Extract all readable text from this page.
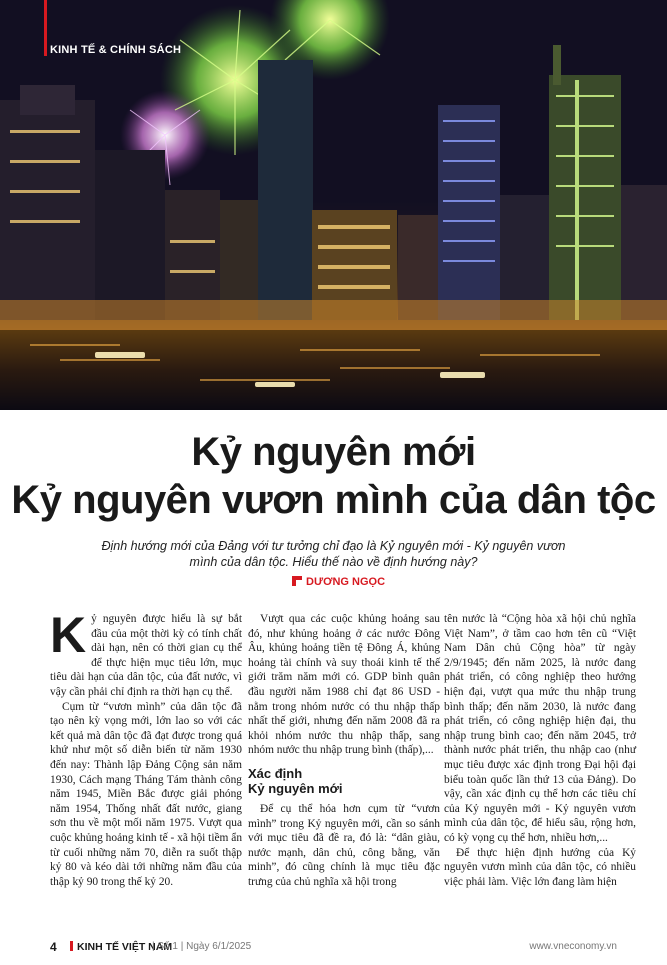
KINH TẾ & CHÍNH SÁCH
Kỷ nguyên mới
Kỷ nguyên vươn mình của dân tộc
Định hướng mới của Đảng với tư tưởng chỉ đạo là Kỷ nguyên mới - Kỷ nguyên vươn mình của dân tộc. Hiểu thế nào về định hướng này?
DƯƠNG NGỌC

Kỷ nguyên được hiểu là sự bắt đầu của một thời kỳ có tính chất dài hạn, nên có thời gian cụ thể để thực hiện mục tiêu lớn, mục tiêu dài hạn của dân tộc, của đất nước, vì vậy cần phải chỉ định ra thời hạn cụ thể.

Cụm từ “vươn mình” của dân tộc đã tạo nên kỳ vọng mới, lớn lao so với các kết quả mà dân tộc đã đạt được trong quá khứ như một số diễn biến từ năm 1930 đến nay: Thành lập Đảng Cộng sản năm 1930, Cách mạng Tháng Tám thành công năm 1945, Miền Bắc được giải phóng năm 1954, Thống nhất đất nước, giang sơn thu về một mối năm 1975. Vượt qua cuộc khủng hoảng kinh tế - xã hội tiềm ẩn từ cuối những năm 70, diễn ra suốt thập kỷ 80 và kéo dài tới những năm đầu của thập kỷ 90 trong thế kỷ 20.

Vượt qua các cuộc khủng hoảng sau đó, như khủng hoảng ở các nước Đông Âu, khủng hoảng tiền tệ Đông Á, khủng hoảng tài chính và suy thoái kinh tế thế giới trăm năm mới có. GDP bình quân đầu người năm 1988 chỉ đạt 86 USD - nằm trong nhóm nước có thu nhập thấp nhất thế giới, nhưng đến năm 2008 đã ra khỏi nhóm nước thu nhập thấp, sang nhóm nước thu nhập trung bình (thấp),...

Xác định
Kỷ nguyên mới

Để cụ thể hóa hơn cụm từ “vươn mình” trong Kỷ nguyên mới, cần so sánh với mục tiêu đã đề ra, đó là: “dân giàu, nước mạnh, dân chủ, công bằng, văn minh”, đó cũng chính là mục tiêu đặc trưng của chủ nghĩa xã hội trong

tên nước là “Cộng hòa xã hội chủ nghĩa Việt Nam”, ở tầm cao hơn tên cũ “Việt Nam Dân chủ Cộng hòa” từ ngày 2/9/1945; đến năm 2025, là nước đang phát triển, có công nghiệp theo hướng hiện đại, vượt qua mức thu nhập trung bình thấp; đến năm 2030, là nước đang phát triển, có công nghiệp hiện đại, thu nhập trung bình cao; đến năm 2045, trở thành nước phát triển, thu nhập cao (như mục tiêu được xác định trong Đại hội đại biểu toàn quốc lần thứ 13 của Đảng). Do vậy, cần xác định cụ thể hơn các tiêu chí của Kỷ nguyên mới - Kỷ nguyên vươn mình của dân tộc, để hiểu sâu, rộng hơn, có kỳ vọng cụ thể hơn, nhiều hơn,...

Để thực hiện định hướng của Kỷ nguyên vươn mình của dân tộc, có nhiều việc phải làm. Việc lớn đang làm hiện

4	KINH TẾ VIỆT NAM
| Số 1 | Ngày 6/1/2025	www.vneconomy.vn
